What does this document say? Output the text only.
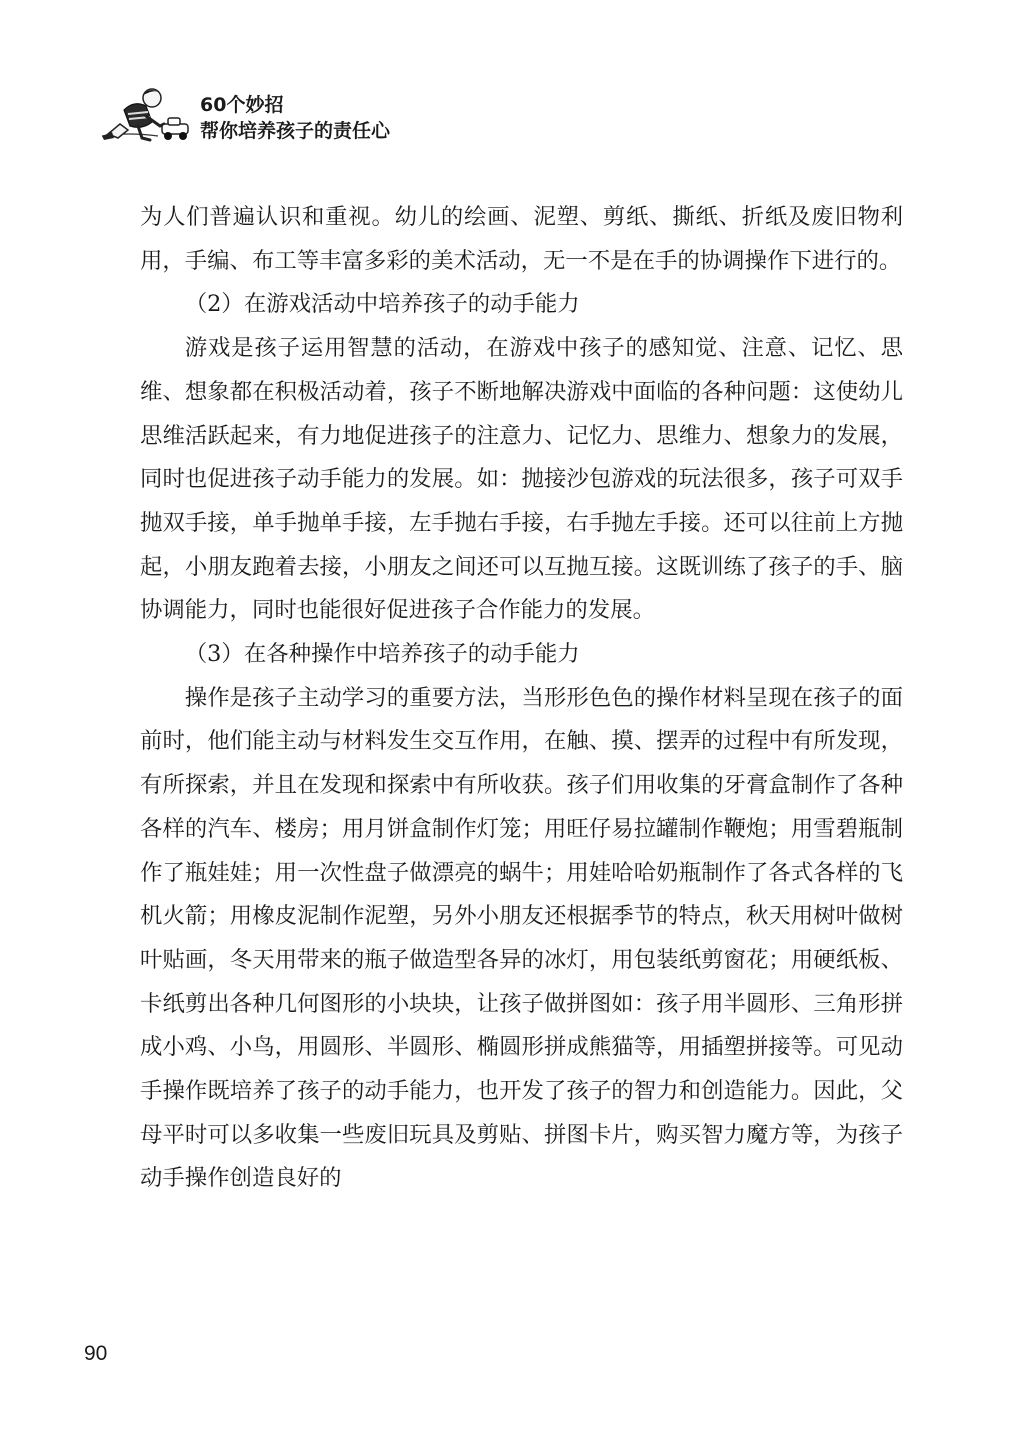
60个妙招
帮你培养孩子的责任心

为人们普遍认识和重视。幼儿的绘画、泥塑、剪纸、撕纸、折纸及废旧物利用，手编、布工等丰富多彩的美术活动，无一不是在手的协调操作下进行的。

（2）在游戏活动中培养孩子的动手能力

游戏是孩子运用智慧的活动，在游戏中孩子的感知觉、注意、记忆、思维、想象都在积极活动着，孩子不断地解决游戏中面临的各种问题：这使幼儿思维活跃起来，有力地促进孩子的注意力、记忆力、思维力、想象力的发展，同时也促进孩子动手能力的发展。如：抛接沙包游戏的玩法很多，孩子可双手抛双手接，单手抛单手接，左手抛右手接，右手抛左手接。还可以往前上方抛起，小朋友跑着去接，小朋友之间还可以互抛互接。这既训练了孩子的手、脑协调能力，同时也能很好促进孩子合作能力的发展。

（3）在各种操作中培养孩子的动手能力

操作是孩子主动学习的重要方法，当形形色色的操作材料呈现在孩子的面前时，他们能主动与材料发生交互作用，在触、摸、摆弄的过程中有所发现，有所探索，并且在发现和探索中有所收获。孩子们用收集的牙膏盒制作了各种各样的汽车、楼房；用月饼盒制作灯笼；用旺仔易拉罐制作鞭炮；用雪碧瓶制作了瓶娃娃；用一次性盘子做漂亮的蜗牛；用娃哈哈奶瓶制作了各式各样的飞机火箭；用橡皮泥制作泥塑，另外小朋友还根据季节的特点，秋天用树叶做树叶贴画，冬天用带来的瓶子做造型各异的冰灯，用包装纸剪窗花；用硬纸板、卡纸剪出各种几何图形的小块块，让孩子做拼图如：孩子用半圆形、三角形拼成小鸡、小鸟，用圆形、半圆形、椭圆形拼成熊猫等，用插塑拼接等。可见动手操作既培养了孩子的动手能力，也开发了孩子的智力和创造能力。因此，父母平时可以多收集一些废旧玩具及剪贴、拼图卡片，购买智力魔方等，为孩子动手操作创造良好的

90
